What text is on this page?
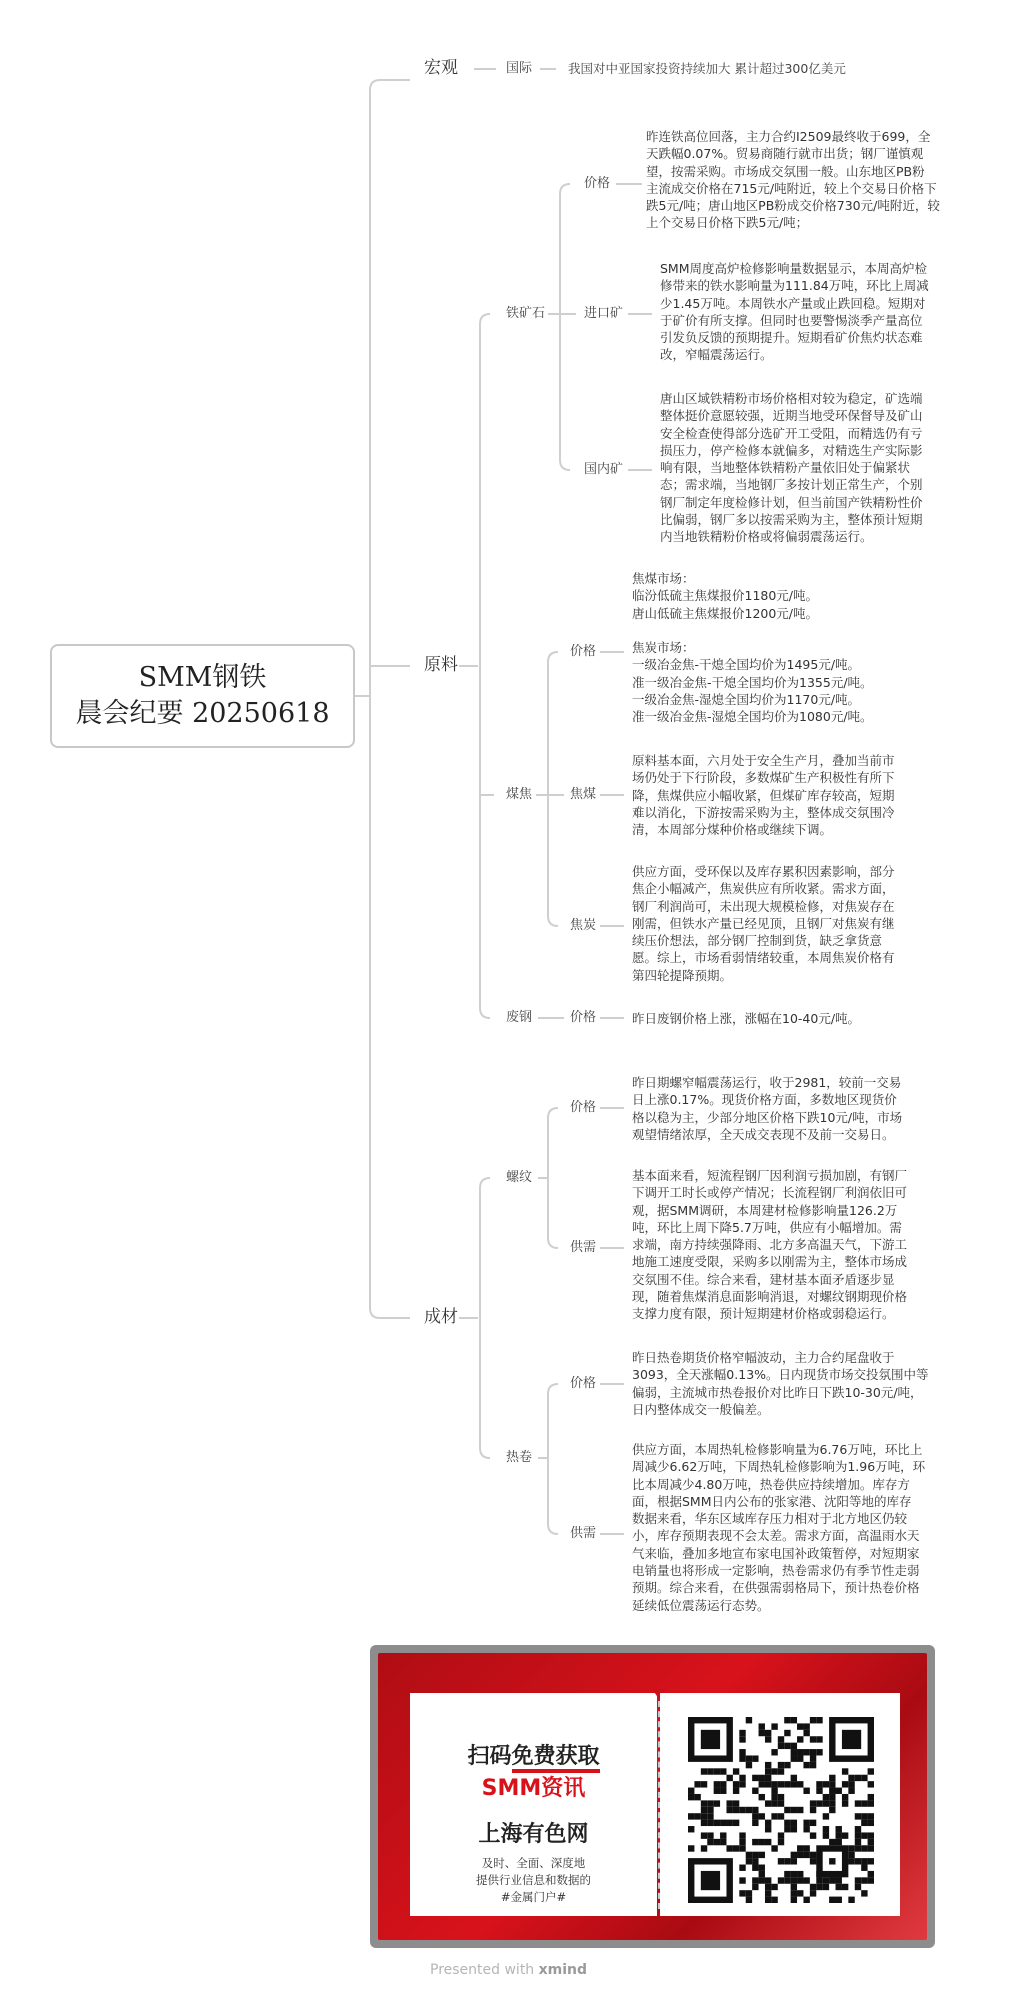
SMM钢铁
晨会纪要 20250618
宏观	国际	我国对中亚国家投资持续加大 累计超过300亿美元
原料
铁矿石
价格
昨连铁高位回落，主力合约I2509最终收于699，全
天跌幅0.07%。贸易商随行就市出货；钢厂谨慎观
望，按需采购。市场成交氛围一般。山东地区PB粉
主流成交价格在715元/吨附近，较上个交易日价格下
跌5元/吨；唐山地区PB粉成交价格730元/吨附近，较
上个交易日价格下跌5元/吨；
进口矿
SMM周度高炉检修影响量数据显示，本周高炉检
修带来的铁水影响量为111.84万吨，环比上周减
少1.45万吨。本周铁水产量或止跌回稳。短期对
于矿价有所支撑。但同时也要警惕淡季产量高位
引发负反馈的预期提升。短期看矿价焦灼状态难
改，窄幅震荡运行。
国内矿
唐山区域铁精粉市场价格相对较为稳定，矿选端
整体挺价意愿较强，近期当地受环保督导及矿山
安全检查使得部分选矿开工受阻，而精选仍有亏
损压力，停产检修本就偏多，对精选生产实际影
响有限，当地整体铁精粉产量依旧处于偏紧状
态；需求端，当地钢厂多按计划正常生产，个别
钢厂制定年度检修计划，但当前国产铁精粉性价
比偏弱，钢厂多以按需采购为主，整体预计短期
内当地铁精粉价格或将偏弱震荡运行。
煤焦
价格
焦煤市场：
临汾低硫主焦煤报价1180元/吨。
唐山低硫主焦煤报价1200元/吨。

焦炭市场：
一级冶金焦-干熄全国均价为1495元/吨。
准一级冶金焦-干熄全国均价为1355元/吨。
一级冶金焦-湿熄全国均价为1170元/吨。
准一级冶金焦-湿熄全国均价为1080元/吨。
焦煤
原料基本面，六月处于安全生产月，叠加当前市
场仍处于下行阶段，多数煤矿生产积极性有所下
降，焦煤供应小幅收紧，但煤矿库存较高，短期
难以消化，下游按需采购为主，整体成交氛围冷
清，本周部分煤种价格或继续下调。
焦炭
供应方面，受环保以及库存累积因素影响，部分
焦企小幅减产，焦炭供应有所收紧。需求方面，
钢厂利润尚可，未出现大规模检修，对焦炭存在
刚需，但铁水产量已经见顶，且钢厂对焦炭有继
续压价想法，部分钢厂控制到货，缺乏拿货意
愿。综上，市场看弱情绪较重，本周焦炭价格有
第四轮提降预期。
废钢	价格	昨日废钢价格上涨，涨幅在10-40元/吨。
成材
螺纹
价格
昨日期螺窄幅震荡运行，收于2981，较前一交易
日上涨0.17%。现货价格方面，多数地区现货价
格以稳为主，少部分地区价格下跌10元/吨，市场
观望情绪浓厚，全天成交表现不及前一交易日。
供需
基本面来看，短流程钢厂因利润亏损加剧，有钢厂
下调开工时长或停产情况；长流程钢厂利润依旧可
观，据SMM调研，本周建材检修影响量126.2万
吨，环比上周下降5.7万吨，供应有小幅增加。需
求端，南方持续强降雨、北方多高温天气，下游工
地施工速度受限，采购多以刚需为主，整体市场成
交氛围不佳。综合来看，建材基本面矛盾逐步显
现，随着焦煤消息面影响消退，对螺纹钢期现价格
支撑力度有限，预计短期建材价格或弱稳运行。
热卷
价格
昨日热卷期货价格窄幅波动，主力合约尾盘收于
3093，全天涨幅0.13%。日内现货市场交投氛围中等
偏弱，主流城市热卷报价对比昨日下跌10-30元/吨，
日内整体成交一般偏差。
供需
供应方面，本周热轧检修影响量为6.76万吨，环比上
周减少6.62万吨，下周热轧检修影响为1.96万吨，环
比本周减少4.80万吨，热卷供应持续增加。库存方
面，根据SMM日内公布的张家港、沈阳等地的库存
数据来看，华东区域库存压力相对于北方地区仍较
小，库存预期表现不会太差。需求方面，高温雨水天
气来临，叠加多地宣布家电国补政策暂停，对短期家
电销量也将形成一定影响，热卷需求仍有季节性走弱
预期。综合来看，在供强需弱格局下，预计热卷价格
延续低位震荡运行态势。
扫码免费获取
SMM资讯
上海有色网
及时、全面、深度地
提供行业信息和数据的
#金属门户#
Presented with xmind
